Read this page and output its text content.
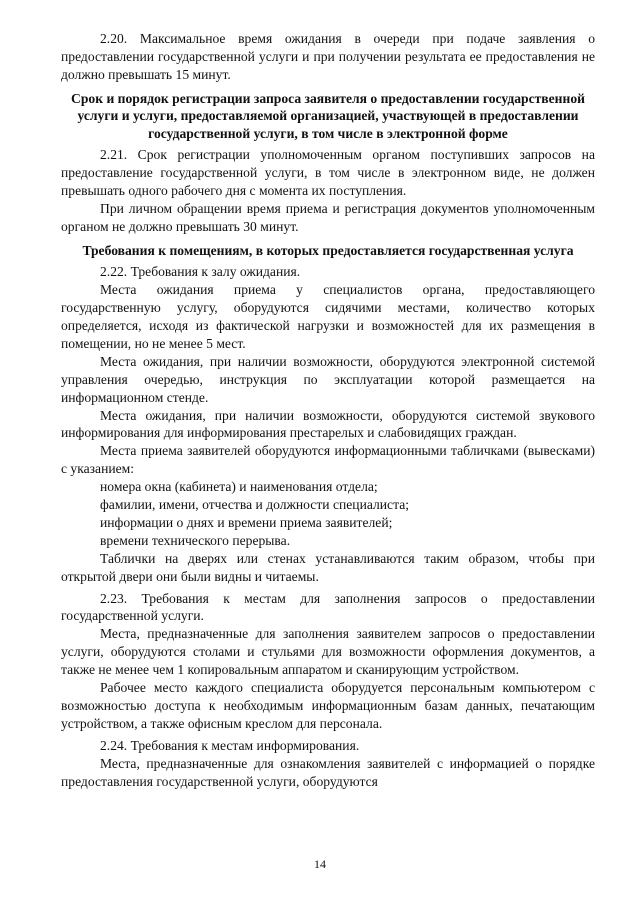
2.20. Максимальное время ожидания в очереди при подаче заявления о предоставлении государственной услуги и при получении результата ее предоставления не должно превышать 15 минут.

Срок и порядок регистрации запроса заявителя о предоставлении государственной услуги и услуги, предоставляемой организацией, участвующей в предоставлении государственной услуги, в том числе в электронной форме

2.21. Срок регистрации уполномоченным органом поступивших запросов на предоставление государственной услуги, в том числе в электронном виде, не должен превышать одного рабочего дня с момента их поступления.

При личном обращении время приема и регистрация документов уполномоченным органом не должно превышать 30 минут.

Требования к помещениям, в которых предоставляется государственная услуга

2.22. Требования к залу ожидания.

Места ожидания приема у специалистов органа, предоставляющего государственную услугу, оборудуются сидячими местами, количество которых определяется, исходя из фактической нагрузки и возможностей для их размещения в помещении, но не менее 5 мест.

Места ожидания, при наличии возможности, оборудуются электронной системой управления очередью, инструкция по эксплуатации которой размещается на информационном стенде.

Места ожидания, при наличии возможности, оборудуются системой звукового информирования для информирования престарелых и слабовидящих граждан.

Места приема заявителей оборудуются информационными табличками (вывесками) с указанием:

номера окна (кабинета) и наименования отдела;

фамилии, имени, отчества и должности специалиста;

информации о днях и времени приема заявителей;

времени технического перерыва.

Таблички на дверях или стенах устанавливаются таким образом, чтобы при открытой двери они были видны и читаемы.

2.23. Требования к местам для заполнения запросов о предоставлении государственной услуги.

Места, предназначенные для заполнения заявителем запросов о предоставлении услуги, оборудуются столами и стульями для возможности оформления документов, а также не менее чем 1 копировальным аппаратом и сканирующим устройством.

Рабочее место каждого специалиста оборудуется персональным компьютером с возможностью доступа к необходимым информационным базам данных, печатающим устройством, а также офисным креслом для персонала.

2.24. Требования к местам информирования.

Места, предназначенные для ознакомления заявителей с информацией о порядке предоставления государственной услуги, оборудуются

14
